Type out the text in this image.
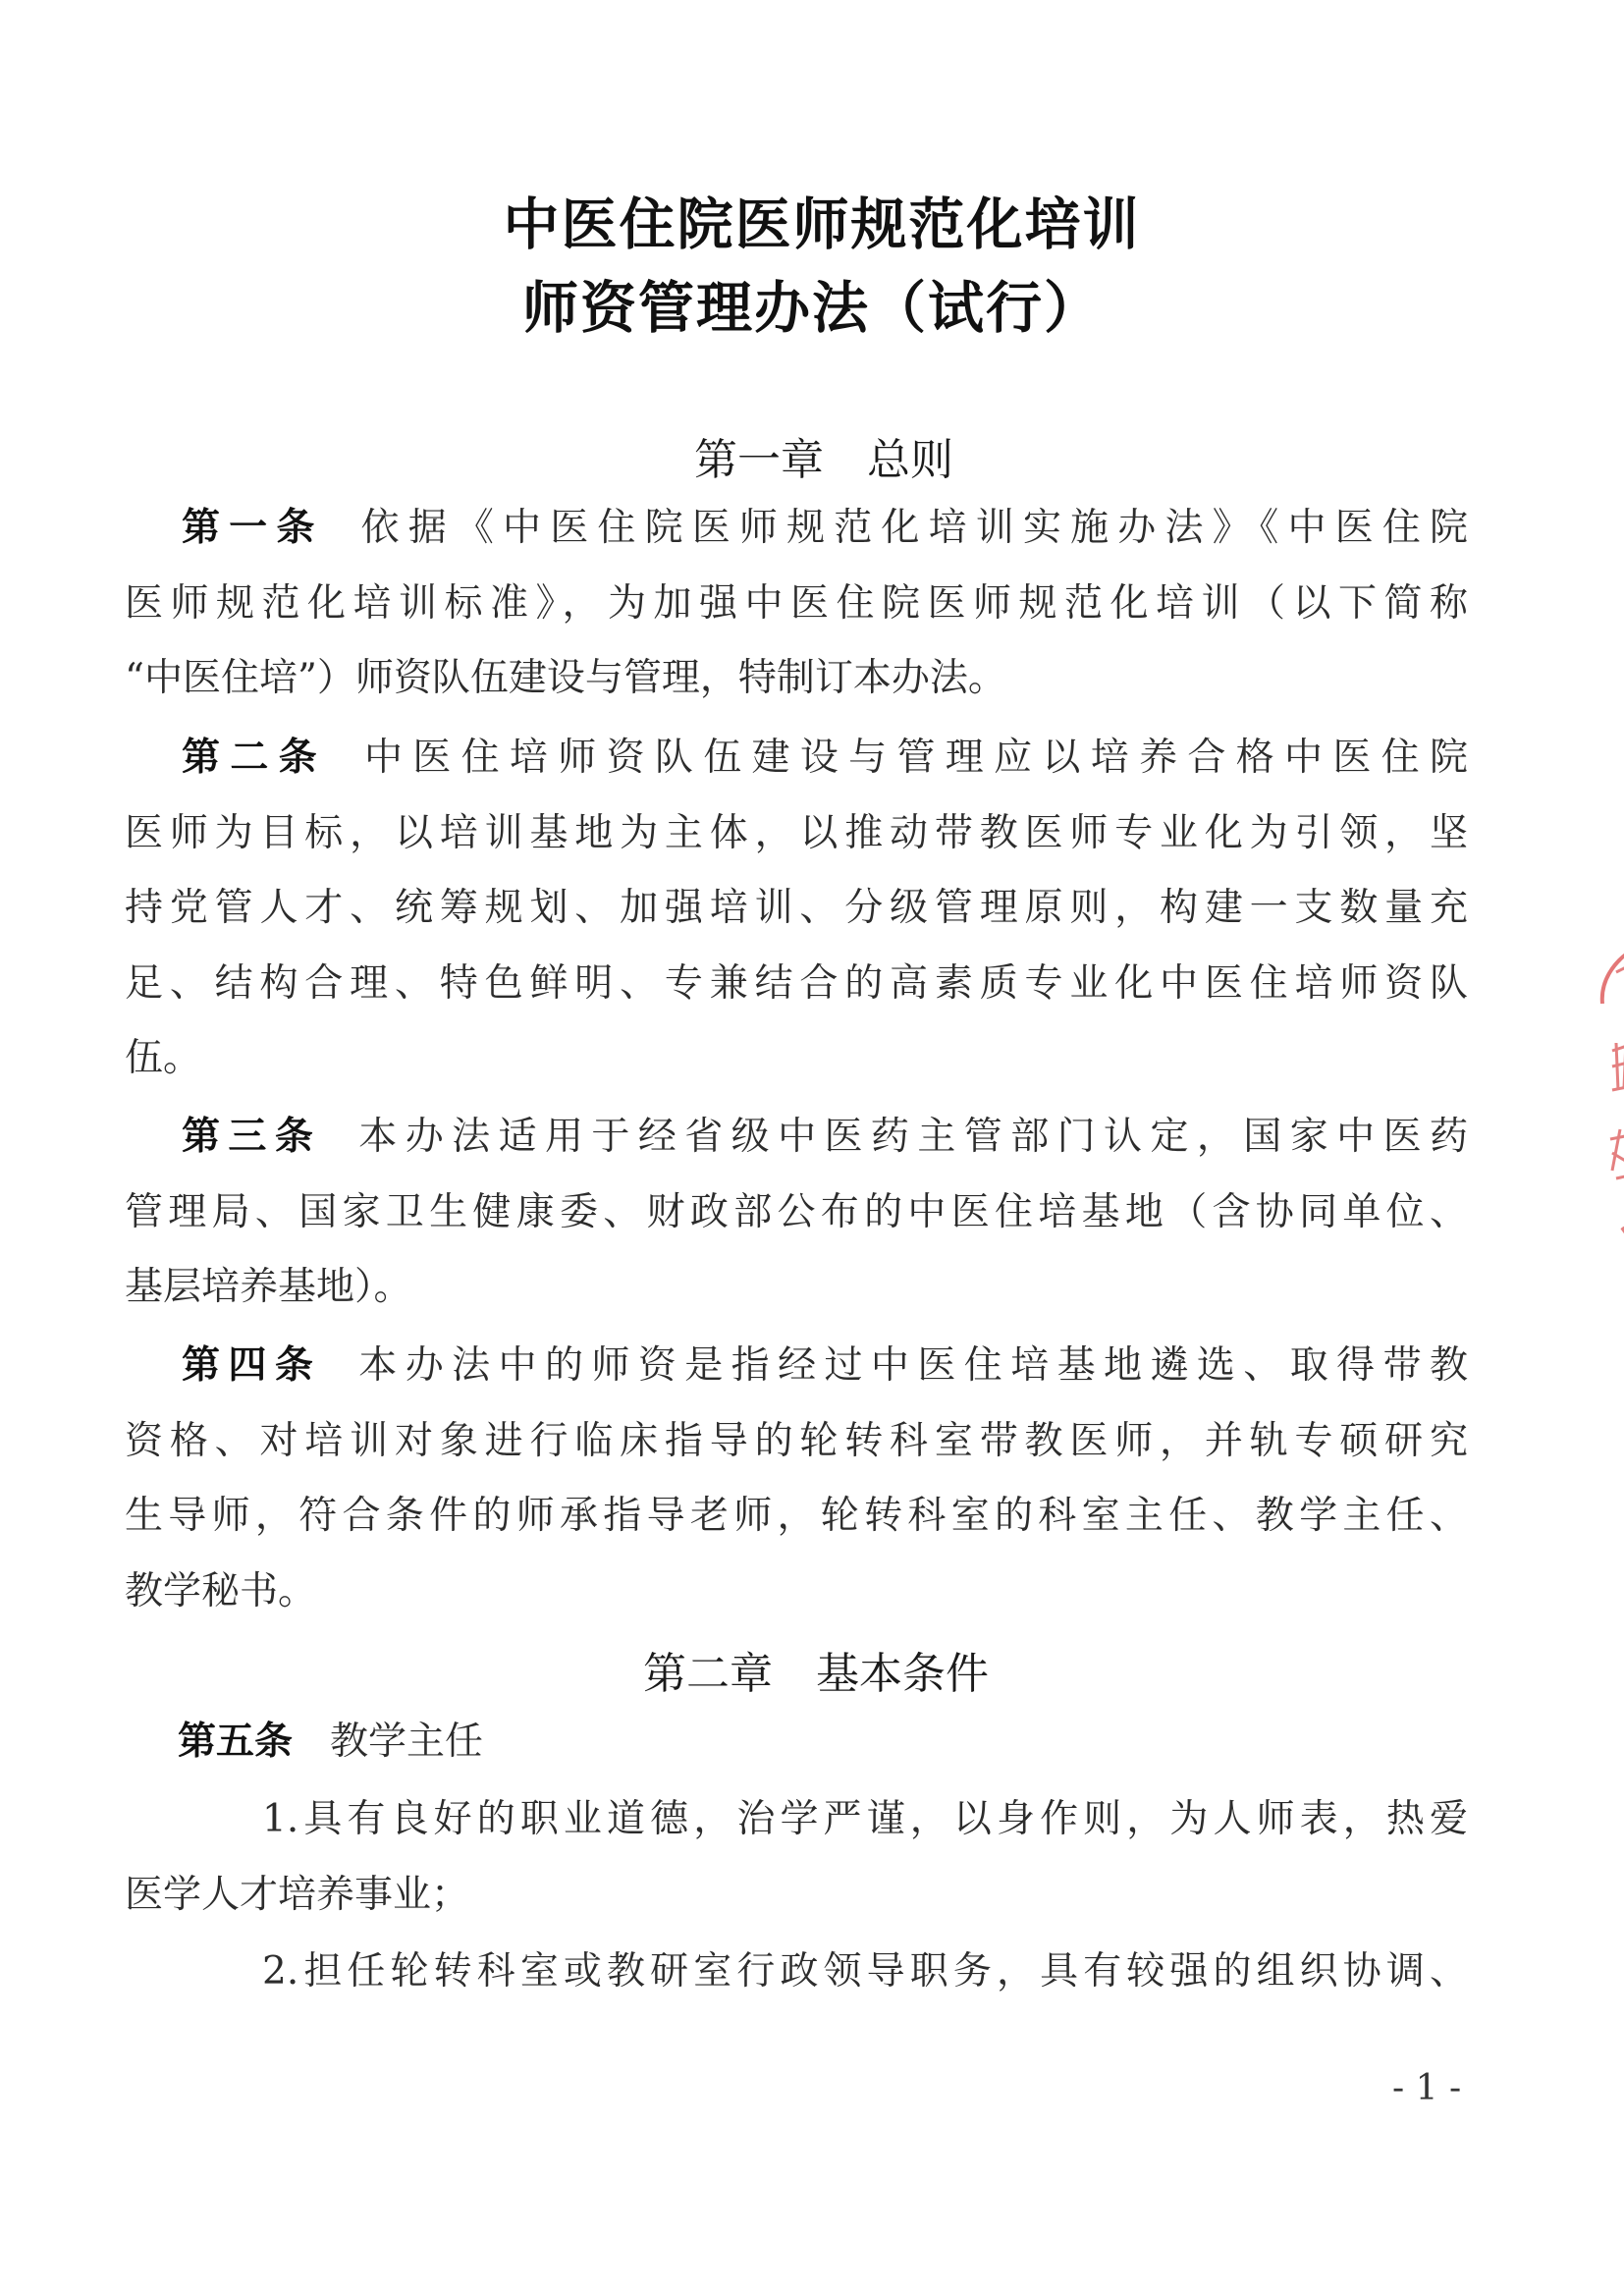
中医住院医师规范化培训
师资管理办法（试行）
第一章 总则
第一条 依据《中医住院医师规范化培训实施办法》《中医住院
医师规范化培训标准》，为加强中医住院医师规范化培训（以下简称
“中医住培”）师资队伍建设与管理，特制订本办法。
第二条 中医住培师资队伍建设与管理应以培养合格中医住院
医师为目标，以培训基地为主体，以推动带教医师专业化为引领，坚
持党管人才、统筹规划、加强培训、分级管理原则，构建一支数量充
足、结构合理、特色鲜明、专兼结合的高素质专业化中医住培师资队
伍。
第三条 本办法适用于经省级中医药主管部门认定，国家中医药
管理局、国家卫生健康委、财政部公布的中医住培基地（含协同单位、
基层培养基地）。
第四条 本办法中的师资是指经过中医住培基地遴选、取得带教
资格、对培训对象进行临床指导的轮转科室带教医师，并轨专硕研究
生导师，符合条件的师承指导老师，轮转科室的科室主任、教学主任、
教学秘书。
第二章 基本条件
第五条 教学主任
1.具有良好的职业道德，治学严谨，以身作则，为人师表，热爱
医学人才培养事业；
2.担任轮转科室或教研室行政领导职务，具有较强的组织协调、
- 1 -
